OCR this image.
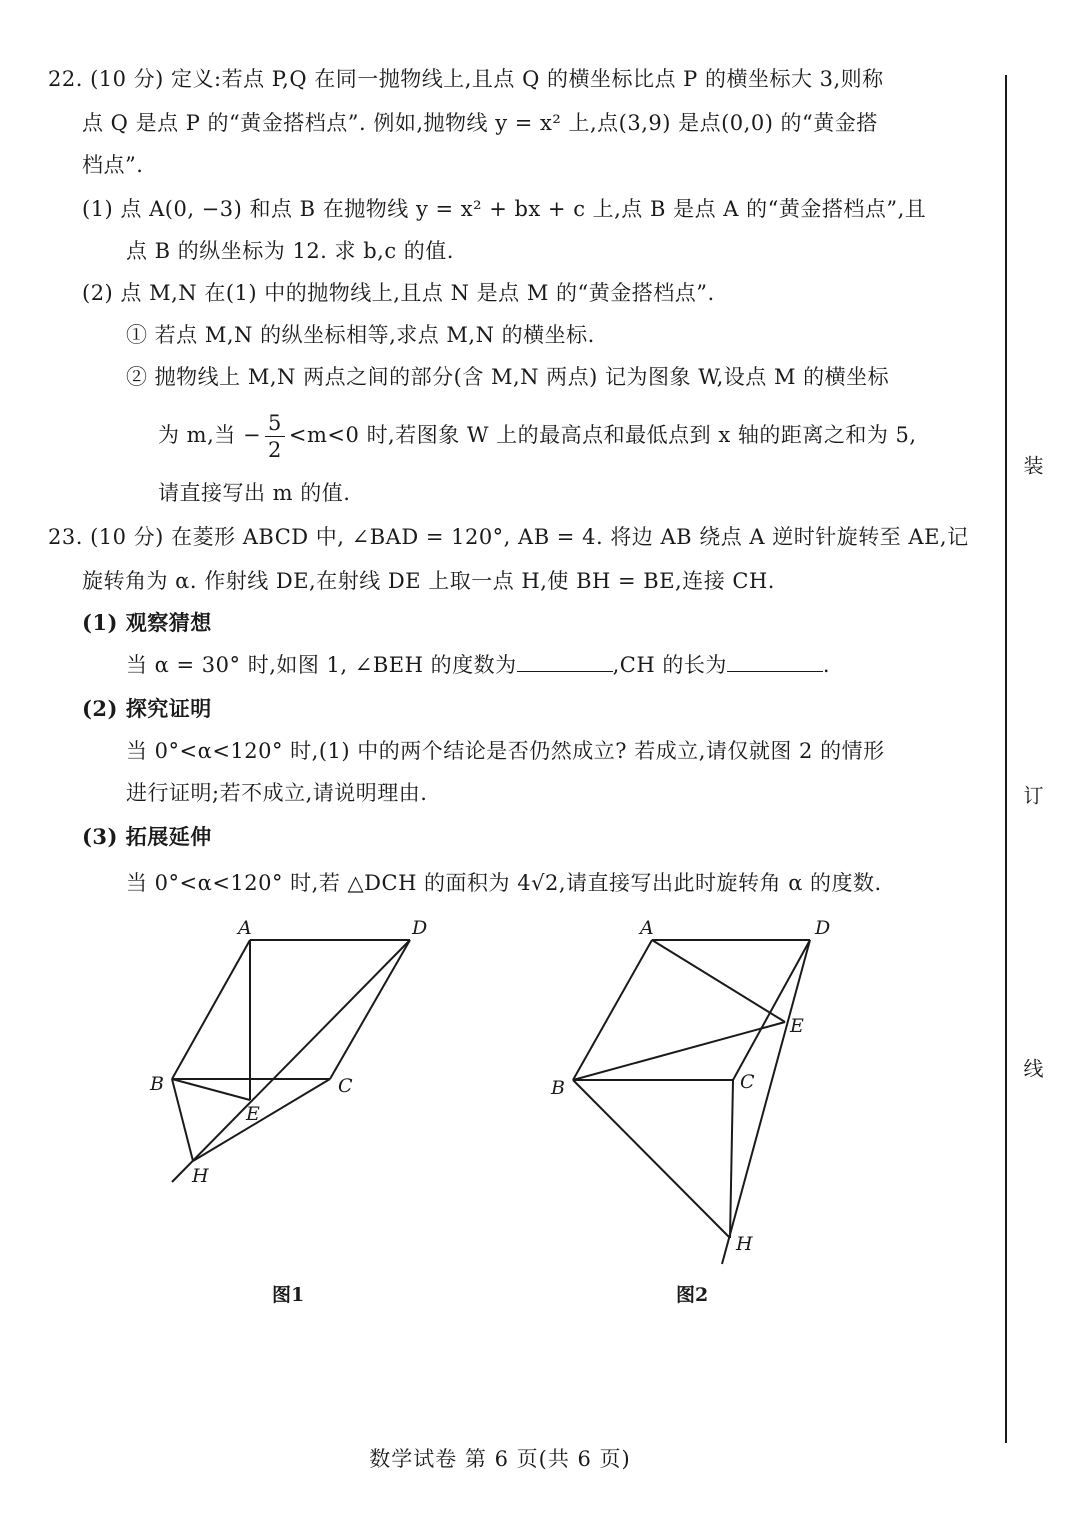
22. (10 分) 定义:若点 P,Q 在同一抛物线上,且点 Q 的横坐标比点 P 的横坐标大 3,则称
点 Q 是点 P 的“黄金搭档点”. 例如,抛物线 y = x² 上,点(3,9) 是点(0,0) 的“黄金搭
档点”.
(1) 点 A(0, −3) 和点 B 在抛物线 y = x² + bx + c 上,点 B 是点 A 的“黄金搭档点”,且
点 B 的纵坐标为 12. 求 b,c 的值.
(2) 点 M,N 在(1) 中的抛物线上,且点 N 是点 M 的“黄金搭档点”.
① 若点 M,N 的纵坐标相等,求点 M,N 的横坐标.
② 抛物线上 M,N 两点之间的部分(含 M,N 两点) 记为图象 W,设点 M 的横坐标
为 m,当 − $\frac{5}{2} <m<0$ 时,若图象 W 上的最高点和最低点到 x 轴的距离之和为 5,
请直接写出 m 的值.
23. (10 分) 在菱形 ABCD 中, ∠BAD = 120°, AB = 4. 将边 AB 绕点 A 逆时针旋转至 AE,记
旋转角为 α. 作射线 DE,在射线 DE 上取一点 H,使 BH = BE,连接 CH.
(1) 观察猜想
当 α = 30° 时,如图 1, ∠BEH 的度数为	,CH 的长为	.
(2) 探究证明
当 0°<α<120° 时,(1) 中的两个结论是否仍然成立? 若成立,请仅就图 2 的情形
进行证明;若不成立,请说明理由.
(3) 拓展延伸
当 0°<α<120° 时,若 △DCH 的面积为 4√2,请直接写出此时旋转角 α 的度数.
A	D
B	C
E
H
A	D
B	C
E
H
图1	图2
装
订
线
数学试卷 第 6 页(共 6 页)
